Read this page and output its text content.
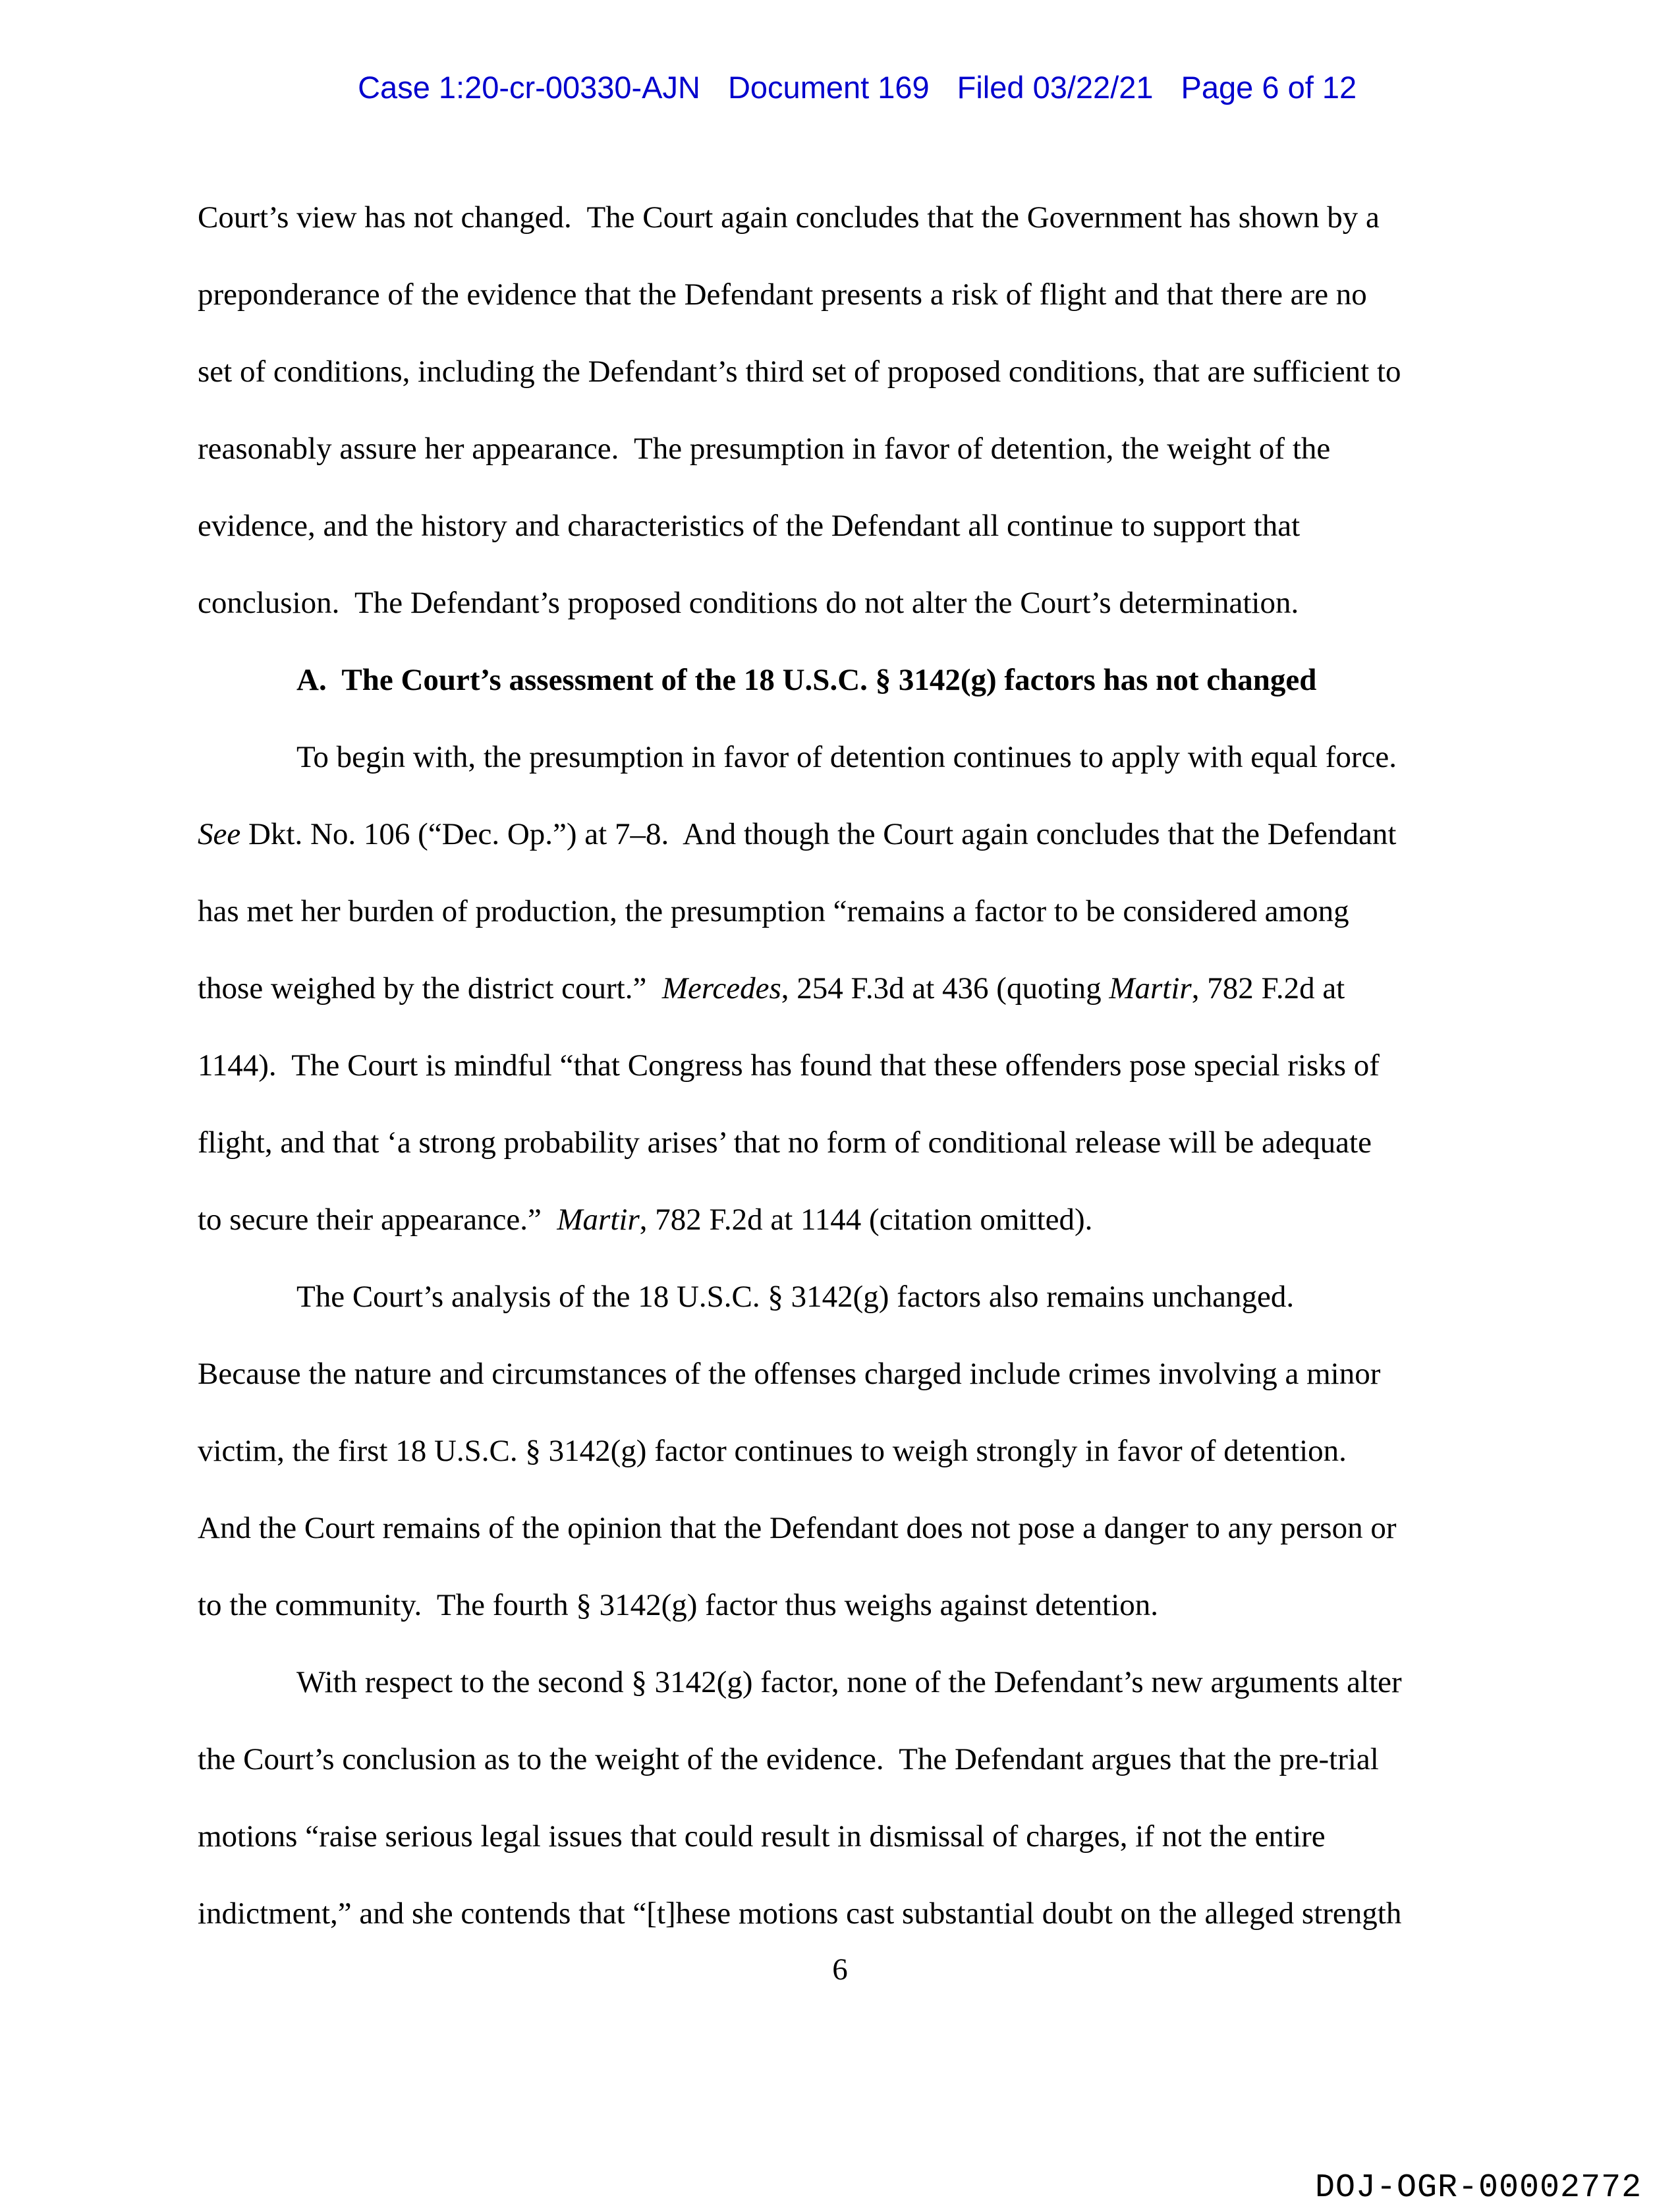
Case 1:20-cr-00330-AJN Document 169 Filed 03/22/21 Page 6 of 12

Court’s view has not changed.  The Court again concludes that the Government has shown by a
preponderance of the evidence that the Defendant presents a risk of flight and that there are no
set of conditions, including the Defendant’s third set of proposed conditions, that are sufficient to
reasonably assure her appearance.  The presumption in favor of detention, the weight of the
evidence, and the history and characteristics of the Defendant all continue to support that
conclusion.  The Defendant’s proposed conditions do not alter the Court’s determination.
A.  The Court’s assessment of the 18 U.S.C. § 3142(g) factors has not changed
To begin with, the presumption in favor of detention continues to apply with equal force.
See Dkt. No. 106 (“Dec. Op.”) at 7–8.  And though the Court again concludes that the Defendant
has met her burden of production, the presumption “remains a factor to be considered among
those weighed by the district court.”  Mercedes, 254 F.3d at 436 (quoting Martir, 782 F.2d at
1144).  The Court is mindful “that Congress has found that these offenders pose special risks of
flight, and that ‘a strong probability arises’ that no form of conditional release will be adequate
to secure their appearance.”  Martir, 782 F.2d at 1144 (citation omitted).
The Court’s analysis of the 18 U.S.C. § 3142(g) factors also remains unchanged.
Because the nature and circumstances of the offenses charged include crimes involving a minor
victim, the first 18 U.S.C. § 3142(g) factor continues to weigh strongly in favor of detention.
And the Court remains of the opinion that the Defendant does not pose a danger to any person or
to the community.  The fourth § 3142(g) factor thus weighs against detention.
With respect to the second § 3142(g) factor, none of the Defendant’s new arguments alter
the Court’s conclusion as to the weight of the evidence.  The Defendant argues that the pre-trial
motions “raise serious legal issues that could result in dismissal of charges, if not the entire
indictment,” and she contends that “[t]hese motions cast substantial doubt on the alleged strength
6
DOJ-OGR-00002772
